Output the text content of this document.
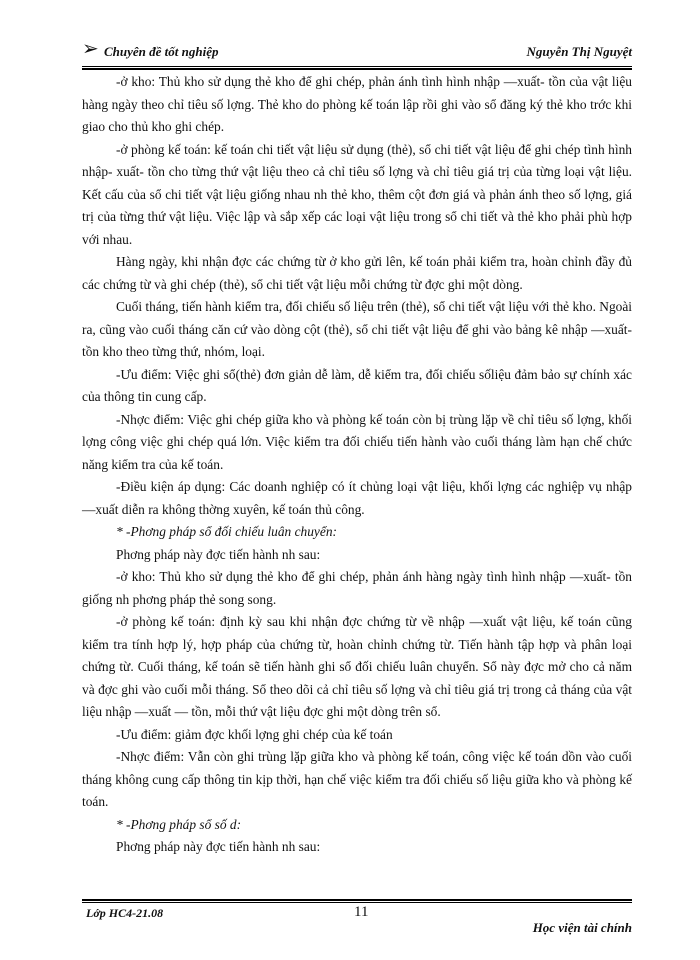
➢ Chuyên đề tốt nghiệp	Nguyễn Thị Nguyệt

-ở kho: Thủ kho sử dụng thẻ kho để ghi chép, phản ánh tình hình nhập —xuất- tồn của vật liệu hàng ngày theo chỉ tiêu số lợng. Thẻ kho do phòng kế toán lập rồi ghi vào sổ đăng ký thẻ kho trớc khi giao cho thủ kho ghi chép.

-ở phòng kế toán: kế toán chi tiết vật liệu sử dụng (thẻ), sổ chi tiết vật liệu để ghi chép tình hình nhập- xuất- tồn cho từng thứ vật liệu theo cả chỉ tiêu số lợng và chỉ tiêu giá trị của từng loại vật liệu. Kết cấu của sổ chi tiết vật liệu giống nhau nh thẻ kho, thêm cột đơn giá và phản ánh theo số lợng, giá trị của từng thứ vật liệu. Việc lập và sắp xếp các loại vật liệu trong sổ chi tiết và thẻ kho phải phù hợp với nhau.

Hàng ngày, khi nhận đợc các chứng từ ở kho gửi lên, kế toán phải kiểm tra, hoàn chỉnh đầy đủ các chứng từ và ghi chép (thẻ), sổ chi tiết vật liệu mỗi chứng từ đợc ghi một dòng.

Cuối tháng, tiến hành kiểm tra, đối chiếu số liệu trên (thẻ), sổ chi tiết vật liệu với thẻ kho. Ngoài ra, cũng vào cuối tháng căn cứ vào dòng cột (thẻ), sổ chi tiết vật liệu để ghi vào bảng kê nhập —xuất- tồn kho theo từng thứ, nhóm, loại.

-Ưu điểm: Việc ghi sổ(thẻ) đơn giản dễ làm, dễ kiểm tra, đối chiếu sốliệu đảm bảo sự chính xác của thông tin cung cấp.

-Nhợc điểm: Việc ghi chép giữa kho và phòng kế toán còn bị trùng lặp về chỉ tiêu số lợng, khối lợng công việc ghi chép quá lớn. Việc kiểm tra đối chiếu tiến hành vào cuối tháng làm hạn chế chức năng kiểm tra của kế toán.

-Điều kiện áp dụng: Các doanh nghiệp có ít chủng loại vật liệu, khối lợng các nghiệp vụ nhập —xuất diễn ra không thờng xuyên, kế toán thủ công.

* -Phơng pháp sổ đối chiếu luân chuyển:

Phơng pháp này đợc tiến hành nh sau:

-ở kho: Thủ kho sử dụng thẻ kho để ghi chép, phản ánh hàng ngày tình hình nhập —xuất- tồn giống nh phơng pháp thẻ song song.

-ở phòng kế toán: định kỳ sau khi nhận đợc chứng từ về nhập —xuất vật liệu, kế toán cũng kiểm tra tính hợp lý, hợp pháp của chứng từ, hoàn chỉnh chứng từ. Tiến hành tập hợp và phân loại chứng từ. Cuối tháng, kế toán sẽ tiến hành ghi sổ đối chiếu luân chuyển. Sổ này đợc mở cho cả năm và đợc ghi vào cuối mỗi tháng. Sổ theo dõi cả chỉ tiêu số lợng và chỉ tiêu giá trị trong cả tháng của vật liệu nhập —xuất — tồn, mỗi thứ vật liệu đợc ghi một dòng trên sổ.

-Ưu điểm: giảm đợc khối lợng ghi chép của kế toán

-Nhợc điểm: Vẫn còn ghi trùng lặp giữa kho và phòng kế toán, công việc kế toán dồn vào cuối tháng không cung cấp thông tin kịp thời, hạn chế việc kiểm tra đối chiếu số liệu giữa kho và phòng kế toán.

* -Phơng pháp sổ số d:

Phơng pháp này đợc tiến hành nh sau:

Lớp HC4-21.08	11
Học viện tài chính
